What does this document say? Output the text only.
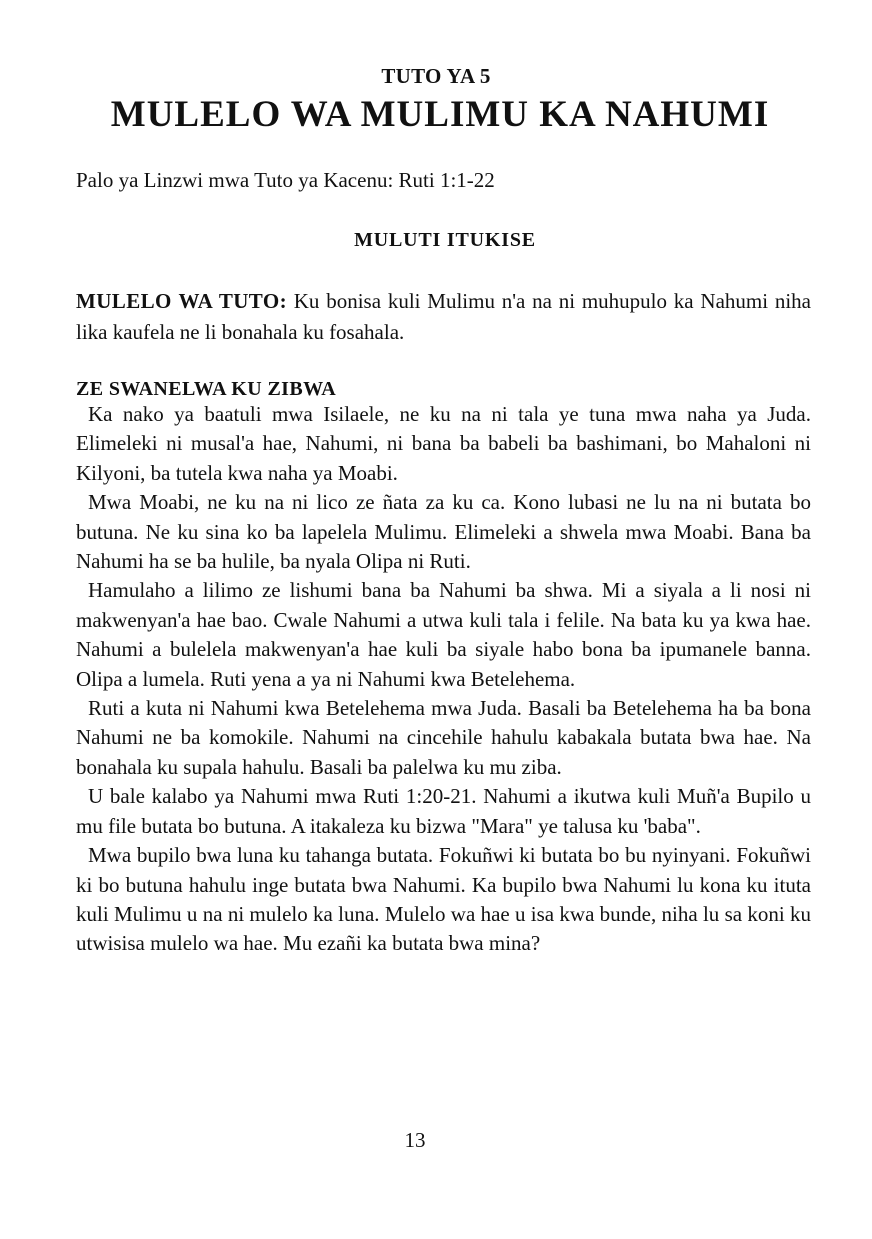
TUTO YA 5
MULELO WA MULIMU KA NAHUMI
Palo ya Linzwi mwa Tuto ya Kacenu: Ruti 1:1-22
MULUTI ITUKISE
MULELO WA TUTO: Ku bonisa kuli Mulimu n'a na ni muhupulo ka Nahumi niha lika kaufela ne li bonahala ku fosahala.
ZE SWANELWA KU ZIBWA

Ka nako ya baatuli mwa Isilaele, ne ku na ni tala ye tuna mwa naha ya Juda. Elimeleki ni musal'a hae, Nahumi, ni bana ba babeli ba bashimani, bo Mahaloni ni Kilyoni, ba tutela kwa naha ya Moabi.

Mwa Moabi, ne ku na ni lico ze ñata za ku ca. Kono lubasi ne lu na ni butata bo butuna. Ne ku sina ko ba lapelela Mulimu. Elimeleki a shwela mwa Moabi. Bana ba Nahumi ha se ba hulile, ba nyala Olipa ni Ruti.

Hamulaho a lilimo ze lishumi bana ba Nahumi ba shwa. Mi a siyala a li nosi ni makwenyan'a hae bao. Cwale Nahumi a utwa kuli tala i felile. Na bata ku ya kwa hae. Nahumi a bulelela makwenyan'a hae kuli ba siyale habo bona ba ipumanele banna. Olipa a lumela. Ruti yena a ya ni Nahumi kwa Betelehema.

Ruti a kuta ni Nahumi kwa Betelehema mwa Juda. Basali ba Betelehema ha ba bona Nahumi ne ba komokile. Nahumi na cincehile hahulu kabakala butata bwa hae. Na bonahala ku supala hahulu. Basali ba palelwa ku mu ziba.

U bale kalabo ya Nahumi mwa Ruti 1:20-21. Nahumi a ikutwa kuli Muñ'a Bupilo u mu file butata bo butuna. A itakaleza ku bizwa "Mara" ye talusa ku 'baba".

Mwa bupilo bwa luna ku tahanga butata. Fokuñwi ki butata bo bu nyinyani. Fokuñwi ki bo butuna hahulu inge butata bwa Nahumi. Ka bupilo bwa Nahumi lu kona ku ituta kuli Mulimu u na ni mulelo ka luna. Mulelo wa hae u isa kwa bunde, niha lu sa koni ku utwisisa mulelo wa hae. Mu ezañi ka butata bwa mina?

13
